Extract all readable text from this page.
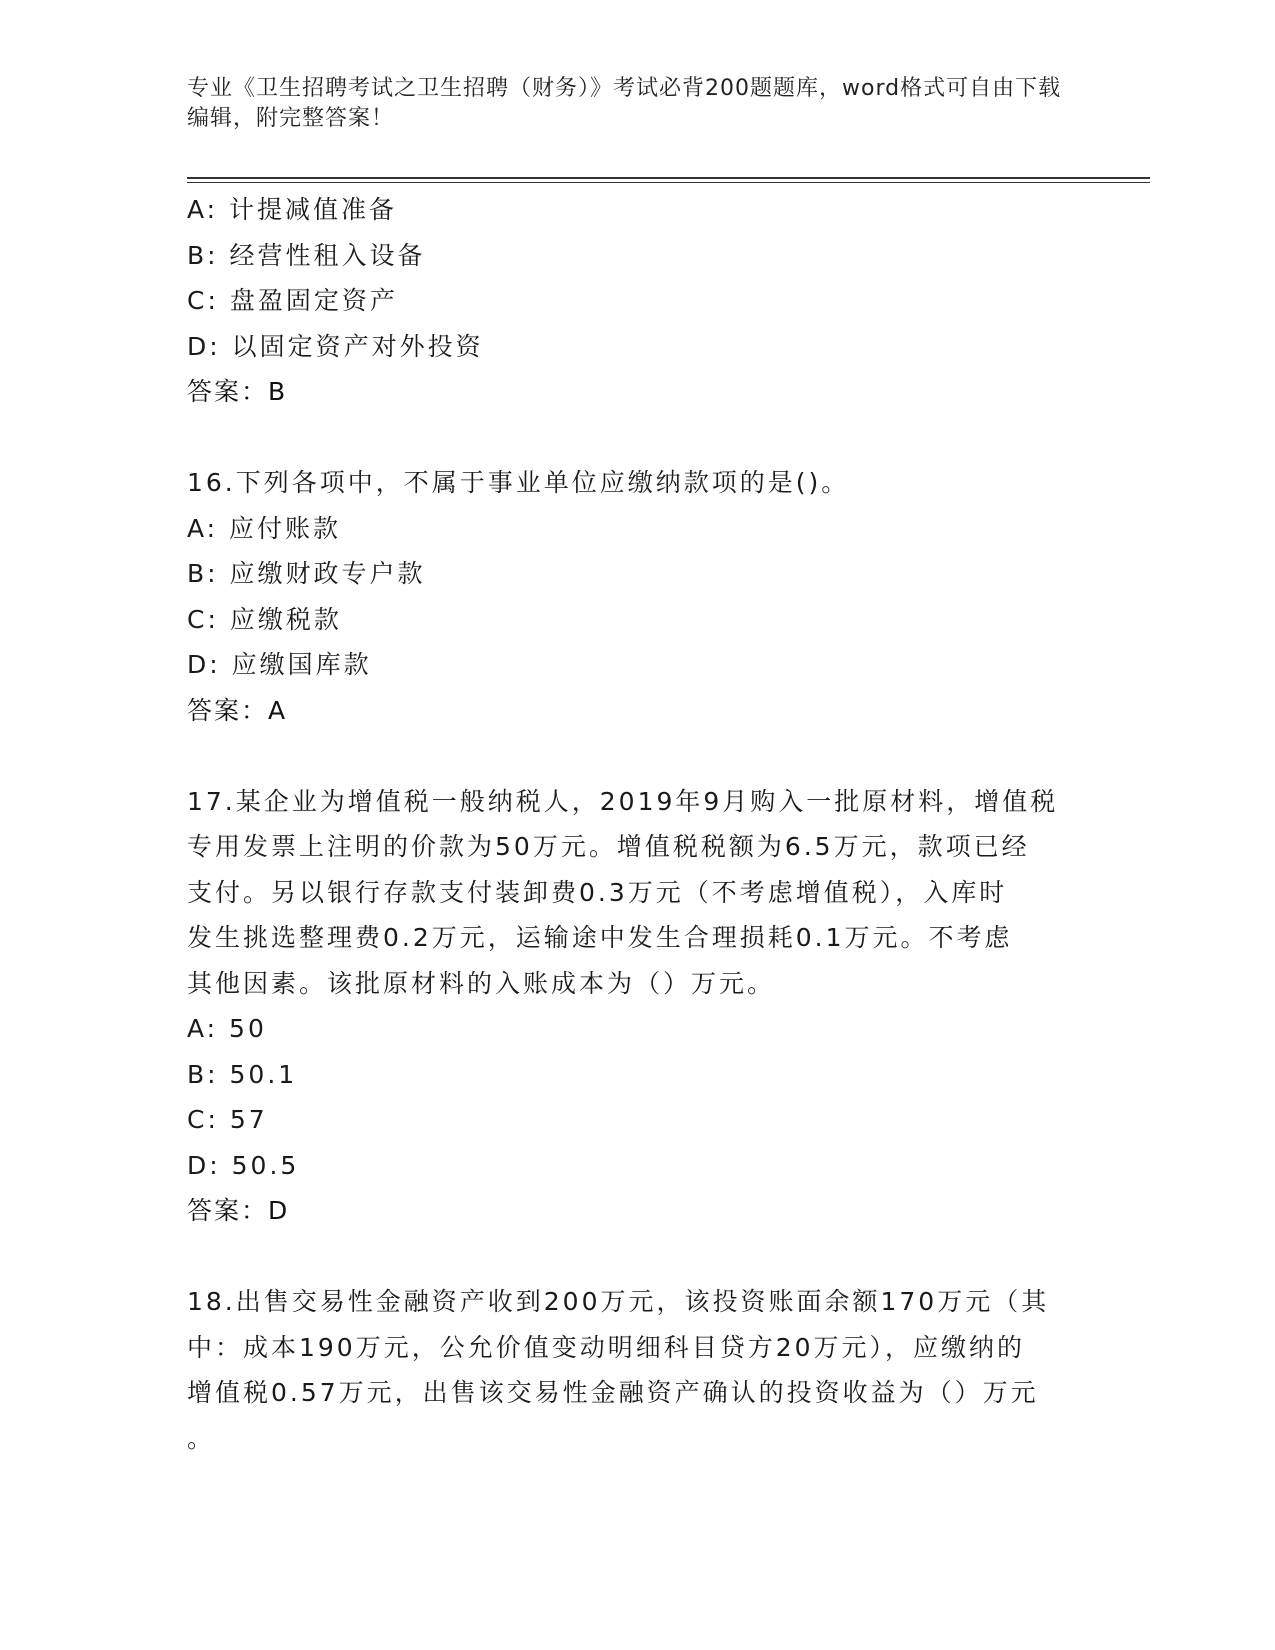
专业《卫生招聘考试之卫生招聘（财务）》考试必背200题题库，word格式可自由下载编辑，附完整答案！
A: 计提减值准备
B: 经营性租入设备
C: 盘盈固定资产
D: 以固定资产对外投资
答案：B
16.下列各项中，不属于事业单位应缴纳款项的是()。
A: 应付账款
B: 应缴财政专户款
C: 应缴税款
D: 应缴国库款
答案：A
17.某企业为增值税一般纳税人，2019年9月购入一批原材料，增值税
专用发票上注明的价款为50万元。增值税税额为6.5万元，款项已经
支付。另以银行存款支付装卸费0.3万元（不考虑增值税），入库时
发生挑选整理费0.2万元，运输途中发生合理损耗0.1万元。不考虑
其他因素。该批原材料的入账成本为（）万元。
A: 50
B: 50.1
C: 57
D: 50.5
答案：D
18.出售交易性金融资产收到200万元，该投资账面余额170万元（其
中：成本190万元，公允价值变动明细科目贷方20万元），应缴纳的
增值税0.57万元，出售该交易性金融资产确认的投资收益为（）万元
。
